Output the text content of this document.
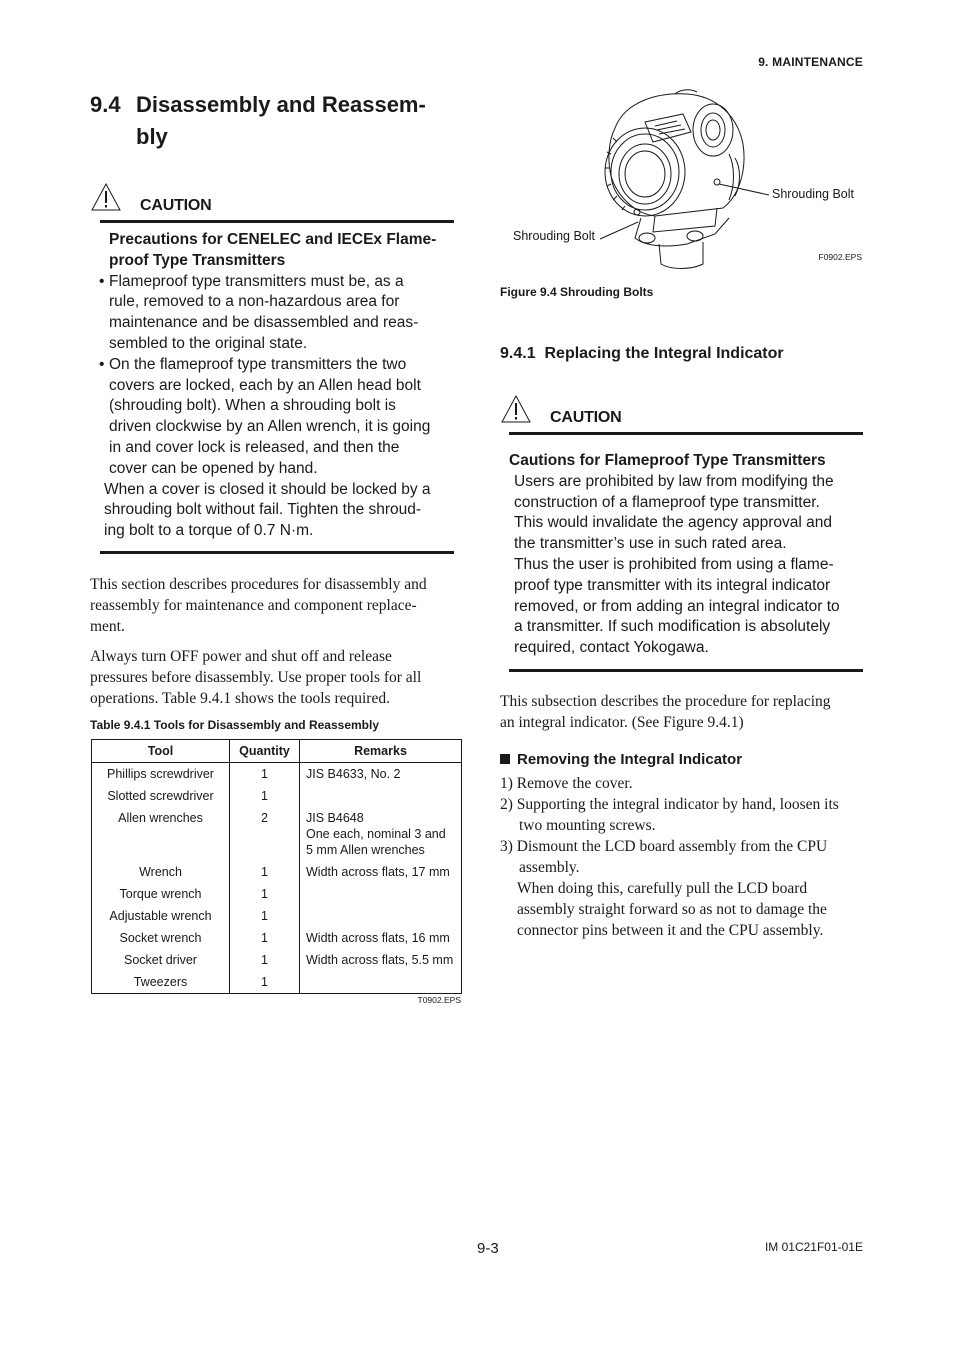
9. MAINTENANCE
9.4 Disassembly and Reassem-
bly
CAUTION
Precautions for CENELEC and IECEx Flame-
proof Type Transmitters
• Flameproof type transmitters must be, as a
rule, removed to a non-hazardous area for
maintenance and be disassembled and reas-
sembled to the original state.
• On the flameproof type transmitters the two
covers are locked, each by an Allen head bolt
(shrouding bolt). When a shrouding bolt is
driven clockwise by an Allen wrench, it is going
in and cover lock is released, and then the
cover can be opened by hand.
When a cover is closed it should be locked by a
shrouding bolt without fail. Tighten the shroud-
ing bolt to a torque of 0.7 N·m.
This section describes procedures for disassembly and
reassembly for maintenance and component replace-
ment.
Always turn OFF power and shut off and release
pressures before disassembly. Use proper tools for all
operations. Table 9.4.1 shows the tools required.
Table 9.4.1 Tools for Disassembly and Reassembly
Tool	Quantity	Remarks
Phillips screwdriver	1	JIS B4633, No. 2
Slotted screwdriver	1	
Allen wrenches	2	JIS B4648
One each, nominal 3 and
5 mm Allen wrenches

Wrench	1	Width across flats, 17 mm
Torque wrench	1	
Adjustable wrench	1	
Socket wrench	1	Width across flats, 16 mm
Socket driver	1	Width across flats, 5.5 mm
Tweezers	1	
T0902.EPS
Shrouding Bolt
Shrouding Bolt
F0902.EPS
Figure 9.4 Shrouding Bolts
9.4.1 Replacing the Integral Indicator
CAUTION
Cautions for Flameproof Type Transmitters
Users are prohibited by law from modifying the
construction of a flameproof type transmitter.
This would invalidate the agency approval and
the transmitter’s use in such rated area.
Thus the user is prohibited from using a flame-
proof type transmitter with its integral indicator
removed, or from adding an integral indicator to
a transmitter. If such modification is absolutely
required, contact Yokogawa.
This subsection describes the procedure for replacing
an integral indicator. (See Figure 9.4.1)
Removing the Integral Indicator
1) Remove the cover.
2) Supporting the integral indicator by hand, loosen its
two mounting screws.
3) Dismount the LCD board assembly from the CPU
assembly.
When doing this, carefully pull the LCD board
assembly straight forward so as not to damage the
connector pins between it and the CPU assembly.
9-3	IM 01C21F01-01E
